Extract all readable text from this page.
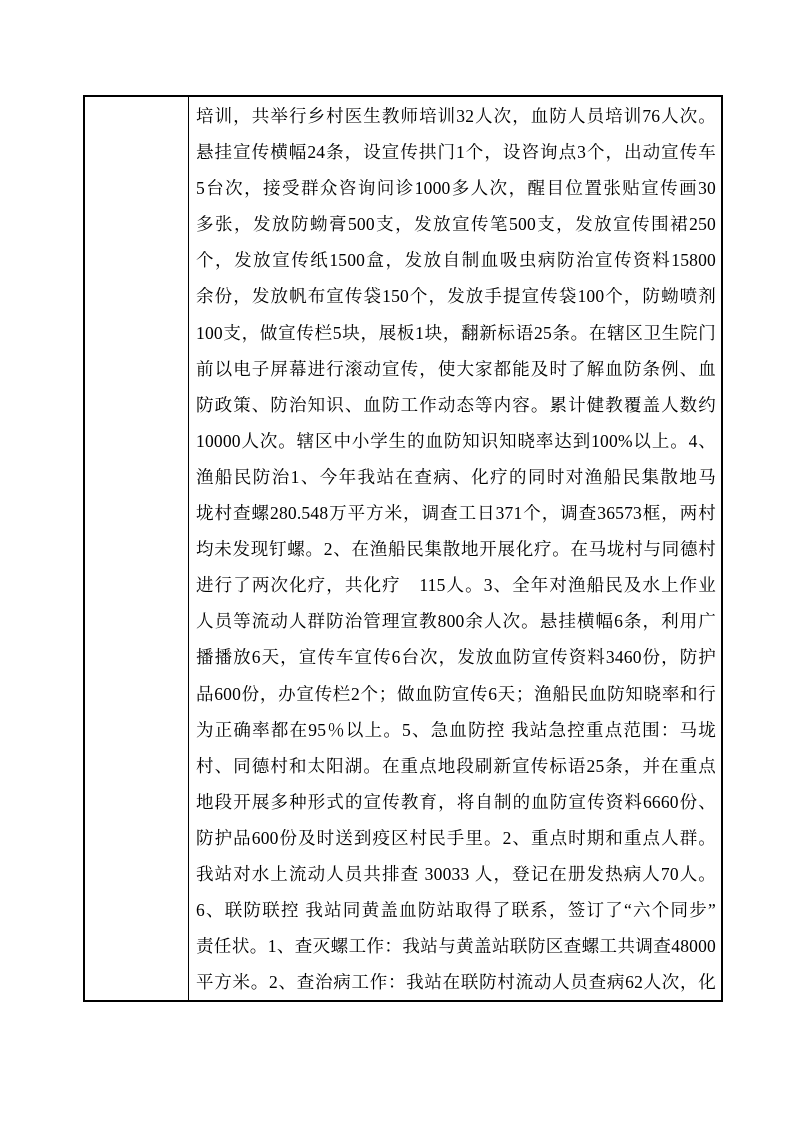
培训，共举行乡村医生教师培训32人次，血防人员培训76人次。
悬挂宣传横幅24条，设宣传拱门1个，设咨询点3个，出动宣传车
5台次，接受群众咨询问诊1000多人次，醒目位置张贴宣传画30
多张，发放防蚴膏500支，发放宣传笔500支，发放宣传围裙250
个，发放宣传纸1500盒，发放自制血吸虫病防治宣传资料15800
余份，发放帆布宣传袋150个，发放手提宣传袋100个，防蚴喷剂
100支，做宣传栏5块，展板1块，翻新标语25条。在辖区卫生院门
前以电子屏幕进行滚动宣传，使大家都能及时了解血防条例、血
防政策、防治知识、血防工作动态等内容。累计健教覆盖人数约
10000人次。辖区中小学生的血防知识知晓率达到100%以上。4、
渔船民防治1、今年我站在查病、化疗的同时对渔船民集散地马
垅村查螺280.548万平方米，调查工日371个，调查36573框，两村
均未发现钉螺。2、在渔船民集散地开展化疗。在马垅村与同德村
进行了两次化疗，共化疗　115人。3、全年对渔船民及水上作业
人员等流动人群防治管理宣教800余人次。悬挂横幅6条，利用广
播播放6天，宣传车宣传6台次，发放血防宣传资料3460份，防护
品600份，办宣传栏2个；做血防宣传6天；渔船民血防知晓率和行
为正确率都在95％以上。5、急血防控 我站急控重点范围：马垅
村、同德村和太阳湖。在重点地段刷新宣传标语25条，并在重点
地段开展多种形式的宣传教育，将自制的血防宣传资料6660份、
防护品600份及时送到疫区村民手里。2、重点时期和重点人群。
我站对水上流动人员共排查 30033 人，登记在册发热病人70人。
6、联防联控 我站同黄盖血防站取得了联系，签订了“六个同步”
责任状。1、查灭螺工作：我站与黄盖站联防区查螺工共调查48000
平方米。2、查治病工作：我站在联防村流动人员查病62人次，化
